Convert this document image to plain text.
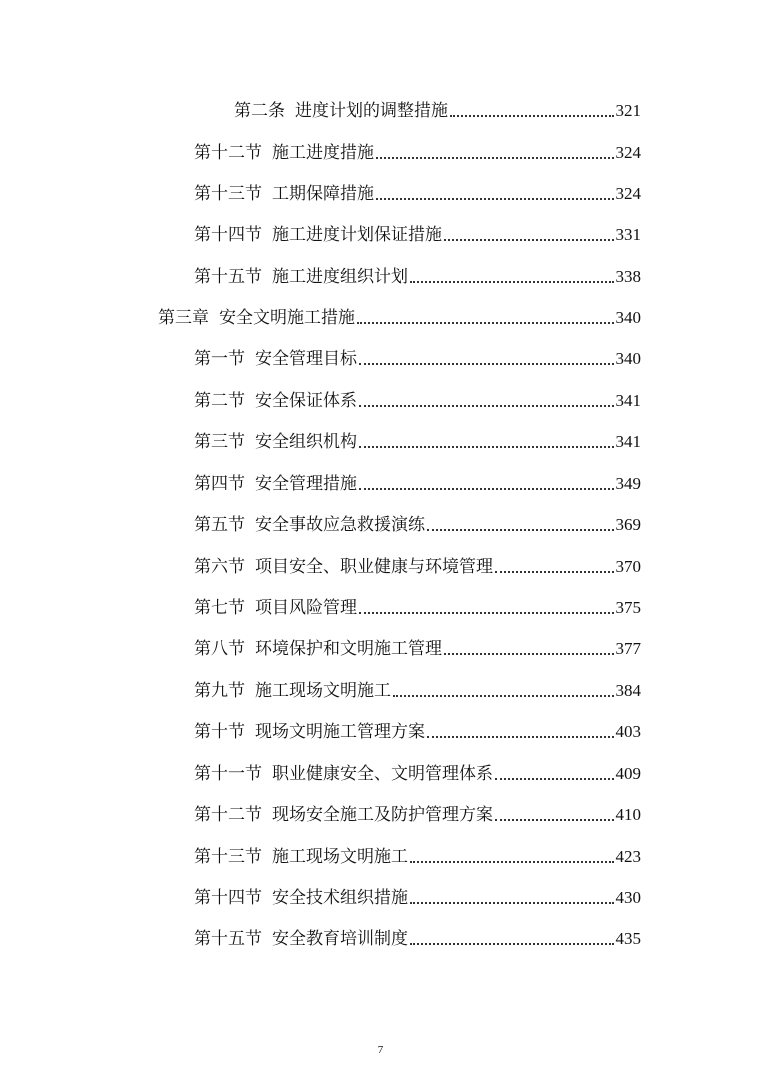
第二条 进度计划的调整措施	321
第十二节 施工进度措施	324
第十三节 工期保障措施	324
第十四节 施工进度计划保证措施	331
第十五节 施工进度组织计划	338
第三章 安全文明施工措施	340
第一节 安全管理目标	340
第二节 安全保证体系	341
第三节 安全组织机构	341
第四节 安全管理措施	349
第五节 安全事故应急救援演练	369
第六节 项目安全、职业健康与环境管理	370
第七节 项目风险管理	375
第八节 环境保护和文明施工管理	377
第九节 施工现场文明施工	384
第十节 现场文明施工管理方案	403
第十一节 职业健康安全、文明管理体系	409
第十二节 现场安全施工及防护管理方案	410
第十三节 施工现场文明施工	423
第十四节 安全技术组织措施	430
第十五节 安全教育培训制度	435
7
